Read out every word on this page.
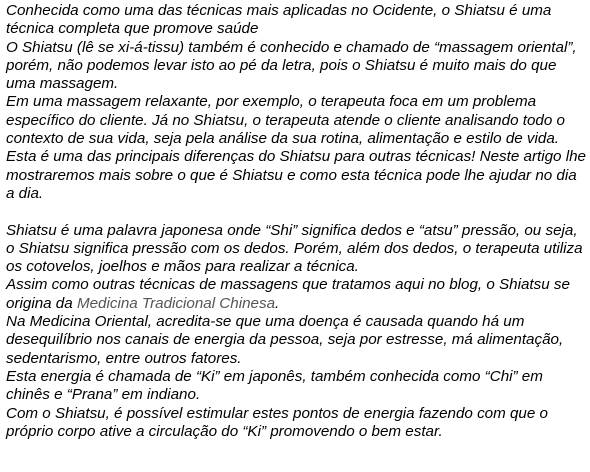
Conhecida como uma das técnicas mais aplicadas no Ocidente, o Shiatsu é uma técnica completa que promove saúde

O Shiatsu (lê se xi-á-tissu) também é conhecido e chamado de “massagem oriental”, porém, não podemos levar isto ao pé da letra, pois o Shiatsu é muito mais do que uma massagem.

Em uma massagem relaxante, por exemplo, o terapeuta foca em um problema específico do cliente. Já no Shiatsu, o terapeuta atende o cliente analisando todo o contexto de sua vida, seja pela análise da sua rotina, alimentação e estilo de vida.

Esta é uma das principais diferenças do Shiatsu para outras técnicas! Neste artigo lhe mostraremos mais sobre o que é Shiatsu e como esta técnica pode lhe ajudar no dia a dia.

Shiatsu é uma palavra japonesa onde “Shi” significa dedos e “atsu” pressão, ou seja, o Shiatsu significa pressão com os dedos. Porém, além dos dedos, o terapeuta utiliza os cotovelos, joelhos e mãos para realizar a técnica.

Assim como outras técnicas de massagens que tratamos aqui no blog, o Shiatsu se origina da Medicina Tradicional Chinesa.

Na Medicina Oriental, acredita-se que uma doença é causada quando há um desequilíbrio nos canais de energia da pessoa, seja por estresse, má alimentação, sedentarismo, entre outros fatores.

Esta energia é chamada de “Ki” em japonês, também conhecida como “Chi” em chinês e “Prana” em indiano.

Com o Shiatsu, é possível estimular estes pontos de energia fazendo com que o próprio corpo ative a circulação do “Ki” promovendo o bem estar.
